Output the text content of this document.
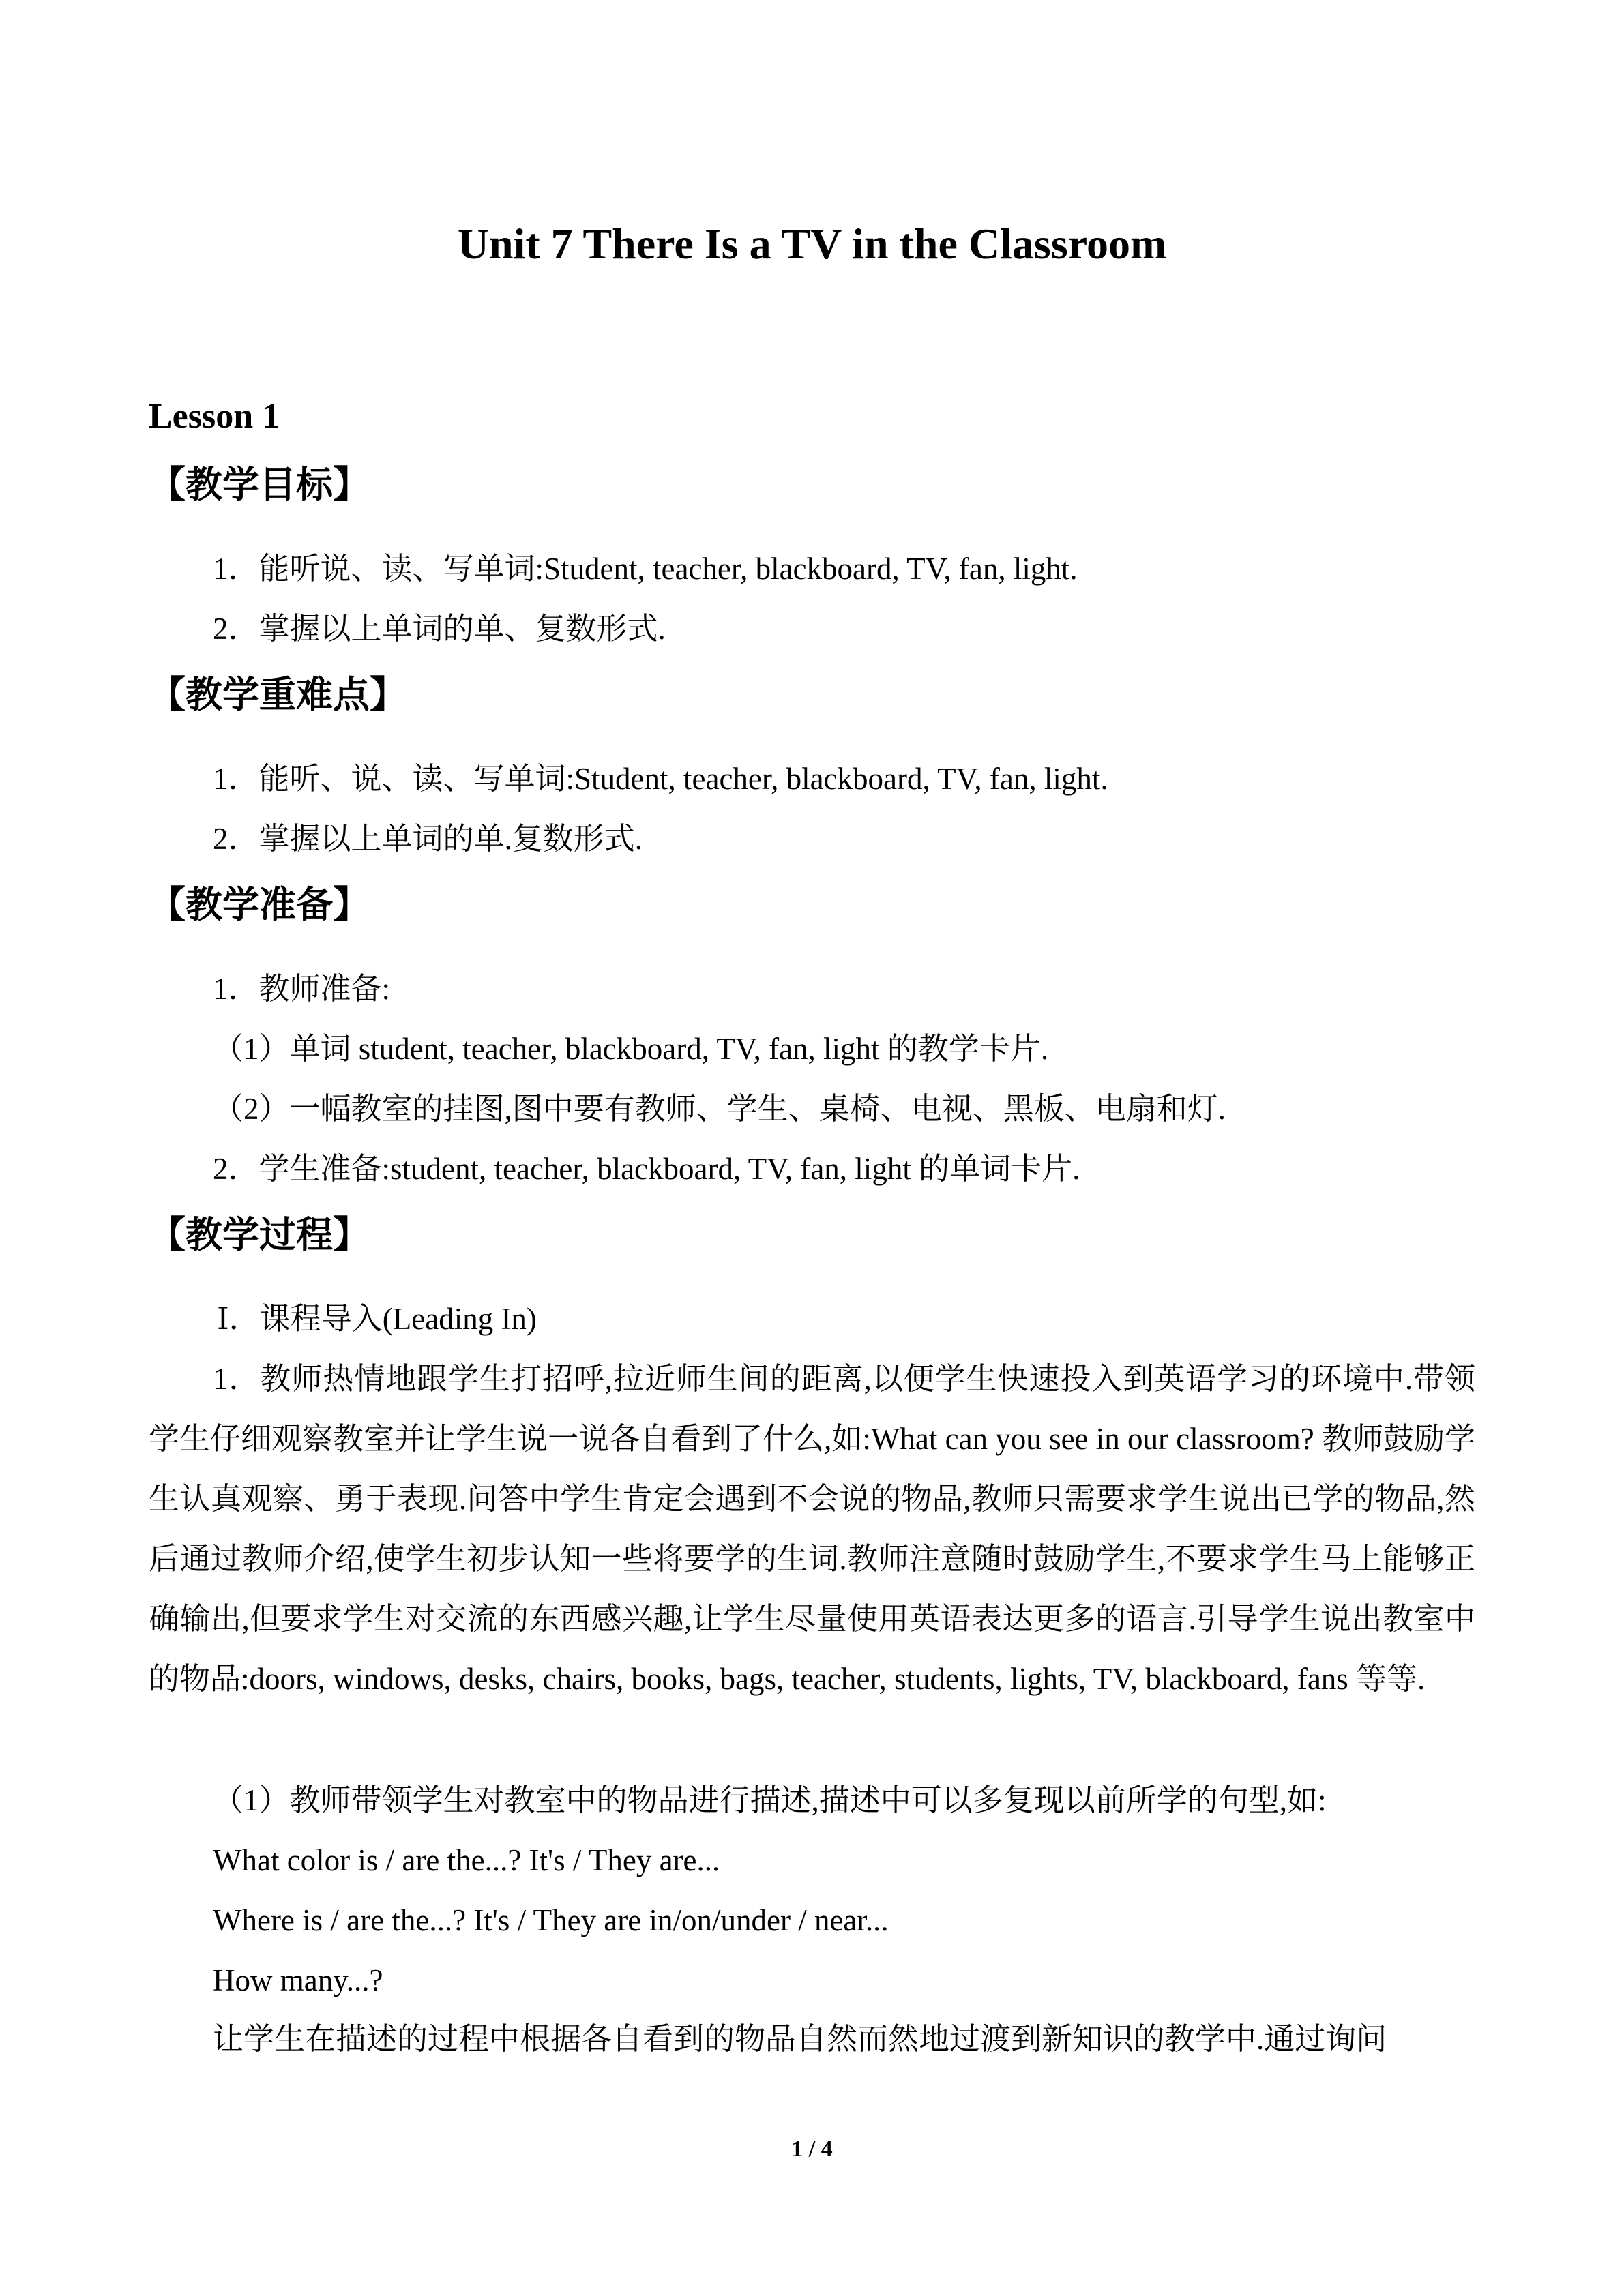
Unit 7 There Is a TV in the Classroom
Lesson 1
【教学目标】
1．能听说、读、写单词:Student, teacher, blackboard, TV, fan, light.
2．掌握以上单词的单、复数形式.
【教学重难点】
1．能听、说、读、写单词:Student, teacher, blackboard, TV, fan, light.
2．掌握以上单词的单.复数形式.
【教学准备】
1．教师准备:
（1）单词 student, teacher, blackboard, TV, fan, light 的教学卡片.
（2）一幅教室的挂图,图中要有教师、学生、桌椅、电视、黑板、电扇和灯.
2．学生准备:student, teacher, blackboard, TV, fan, light 的单词卡片.
【教学过程】
Ⅰ．课程导入(Leading In)
1．教师热情地跟学生打招呼,拉近师生间的距离,以便学生快速投入到英语学习的环境中.带领学生仔细观察教室并让学生说一说各自看到了什么,如:What can you see in our classroom? 教师鼓励学生认真观察、勇于表现.问答中学生肯定会遇到不会说的物品,教师只需要求学生说出已学的物品,然后通过教师介绍,使学生初步认知一些将要学的生词.教师注意随时鼓励学生,不要求学生马上能够正确输出,但要求学生对交流的东西感兴趣,让学生尽量使用英语表达更多的语言.引导学生说出教室中的物品:doors, windows, desks, chairs, books, bags, teacher, students, lights, TV, blackboard, fans 等等.
（1）教师带领学生对教室中的物品进行描述,描述中可以多复现以前所学的句型,如:
What color is / are the...? It's / They are...
Where is / are the...? It's / They are in/on/under / near...
How many...?
让学生在描述的过程中根据各自看到的物品自然而然地过渡到新知识的教学中.通过询问
1 / 4
